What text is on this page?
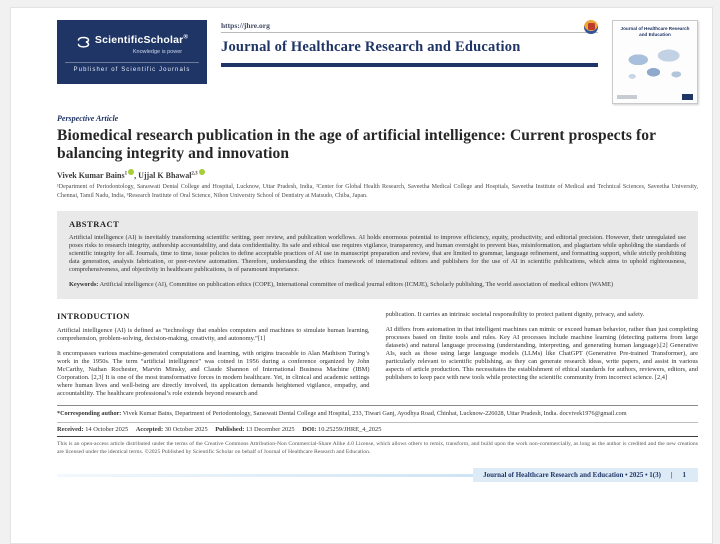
ScientificScholar®
Knowledge is power
Publisher of Scientific Journals
https://jhre.org
Journal of Healthcare Research and Education
Journal of Healthcare Research and Education
Perspective Article
Biomedical research publication in the age of artificial intelligence: Current prospects for balancing integrity and innovation
Vivek Kumar Bains$^1$ , Ujjal K Bhawal$^{2,3}$
¹Department of Periodontology, Saraswati Dental College and Hospital, Lucknow, Uttar Pradesh, India, ²Center for Global Health Research, Saveetha Medical College and Hospitals, Saveetha Institute of Medical and Technical Sciences, Saveetha University, Chennai, Tamil Nadu, India, ³Research Institute of Oral Science, Nihon University School of Dentistry at Matsudo, Chiba, Japan.
ABSTRACT
Artificial intelligence (AI) is inevitably transforming scientific writing, peer review, and publication workflows. AI holds enormous potential to improve efficiency, equity, productivity, and editorial precision. However, their unregulated use poses risks to research integrity, authorship accountability, and data confidentiality. Its safe and ethical use requires vigilance, transparency, and human oversight to prevent bias, misinformation, and plagiarism while upholding the standards of scientific integrity for all. Journals, time to time, issue policies to define acceptable practices of AI use in manuscript preparation and review, that are limited to grammar, language refinement, and formatting support, while strictly prohibiting data generation, analysis fabrication, or peer-review automation. Therefore, understanding the ethics framework of international editors and publishers for the use of AI in scientific publications, which aims to uphold righteousness, comprehensiveness, and objectivity in healthcare publications, is of paramount importance.
Keywords: Artificial intelligence (AI), Committee on publication ethics (COPE), International committee of medical journal editors (ICMJE), Scholarly publishing, The world association of medical editors (WAME)
INTRODUCTION

Artificial intelligence (AI) is defined as “technology that enables computers and machines to simulate human learning, comprehension, problem-solving, decision-making, creativity, and autonomy.”[1]

It encompasses various machine-generated computations and learning, with origins traceable to Alan Mathison Turing’s work in the 1950s. The term “artificial intelligence” was coined in 1956 during a conference organized by John McCarthy, Nathan Rochester, Marvin Minsky, and Claude Shannon of International Business Machine (IBM) Corporation. [2,3] It is one of the most transformative forces in modern healthcare. Yet, in clinical and academic settings where human lives and well-being are directly involved, its application demands heightened vigilance, empathy, and accountability. The healthcare professional’s role extends beyond research and

publication. It carries an intrinsic societal responsibility to protect patient dignity, privacy, and safety.

AI differs from automation in that intelligent machines can mimic or exceed human behavior, rather than just completing processes based on finite tools and rules. Key AI processes include machine learning (detecting patterns from large datasets) and natural language processing (understanding, interpreting, and generating human language).[2] Generative AIs, such as those using large language models (LLMs) like ChatGPT (Generative Pre-trained Transformer), are particularly relevant to scientific publishing, as they can generate research ideas, write papers, and assist in various aspects of article production. This necessitates the establishment of ethical standards for authors, reviewers, editors, and publishers to keep pace with new tools while protecting the scientific community from incorrect science. [2,4]

*Corresponding author: Vivek Kumar Bains, Department of Periodontology, Saraswati Dental College and Hospital, 233, Tiwari Ganj, Ayodhya Road, Chinhat, Lucknow-226028, Uttar Pradesh, India. docvivek1976@gmail.com
Received: 14 October 2025 Accepted: 30 October 2025 Published: 13 December 2025 DOI: 10.25259/JHRE_4_2025
This is an open-access article distributed under the terms of the Creative Commons Attribution-Non Commercial-Share Alike 4.0 License, which allows others to remix, transform, and build upon the work non-commercially, as long as the author is credited and the new creations are licensed under the identical terms. ©2025 Published by Scientific Scholar on behalf of Journal of Healthcare Research and Education.
Journal of Healthcare Research and Education • 2025 • 1(3) | 1
